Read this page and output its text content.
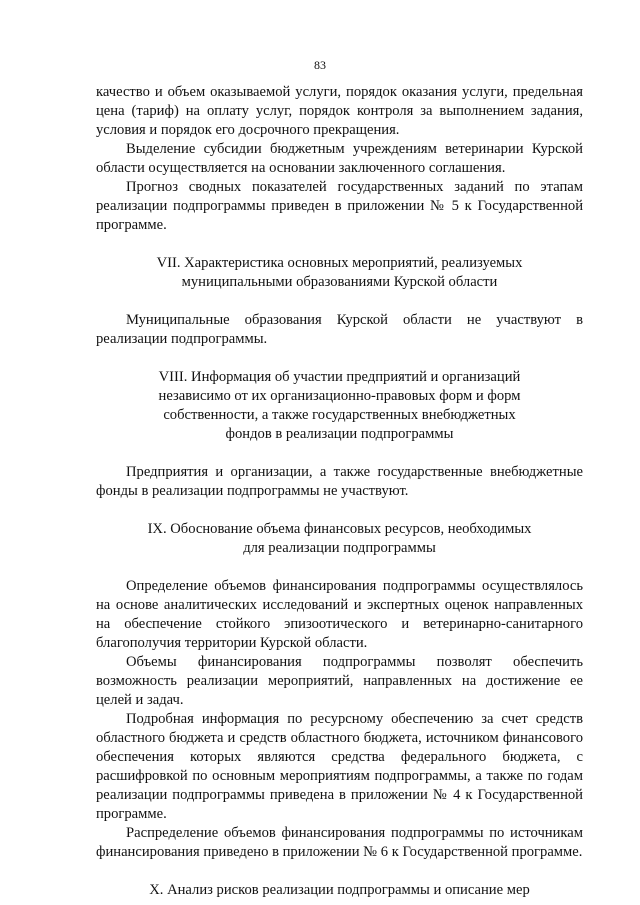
83

качество и объем оказываемой услуги, порядок оказания услуги, предельная цена (тариф) на оплату услуг, порядок контроля за выполнением задания, условия и порядок его досрочного прекращения.

Выделение субсидии бюджетным учреждениям ветеринарии Курской области осуществляется на основании заключенного соглашения.

Прогноз сводных показателей государственных заданий по этапам реализации подпрограммы приведен в приложении № 5 к Государственной программе.

VII. Характеристика основных мероприятий, реализуемых
муниципальными образованиями Курской области

Муниципальные образования Курской области не участвуют в реализации подпрограммы.

VIII. Информация об участии предприятий и организаций
независимо от их организационно-правовых форм и форм
собственности, а также государственных внебюджетных
фондов в реализации подпрограммы

Предприятия и организации, а также государственные внебюджетные фонды в реализации подпрограммы не участвуют.

IX. Обоснование объема финансовых ресурсов, необходимых
для реализации подпрограммы

Определение объемов финансирования подпрограммы осуществлялось на основе аналитических исследований и экспертных оценок направленных на обеспечение стойкого эпизоотического и ветеринарно-санитарного благополучия территории Курской области.

Объемы финансирования подпрограммы позволят обеспечить возможность реализации мероприятий, направленных на достижение ее целей и задач.

Подробная информация по ресурсному обеспечению за счет средств областного бюджета и средств областного бюджета, источником финансового обеспечения которых являются средства федерального бюджета, с расшифровкой по основным мероприятиям подпрограммы, а также по годам реализации подпрограммы приведена в приложении № 4 к Государственной программе.

Распределение объемов финансирования подпрограммы по источникам финансирования приведено в приложении № 6 к Государственной программе.

X. Анализ рисков реализации подпрограммы и описание мер
